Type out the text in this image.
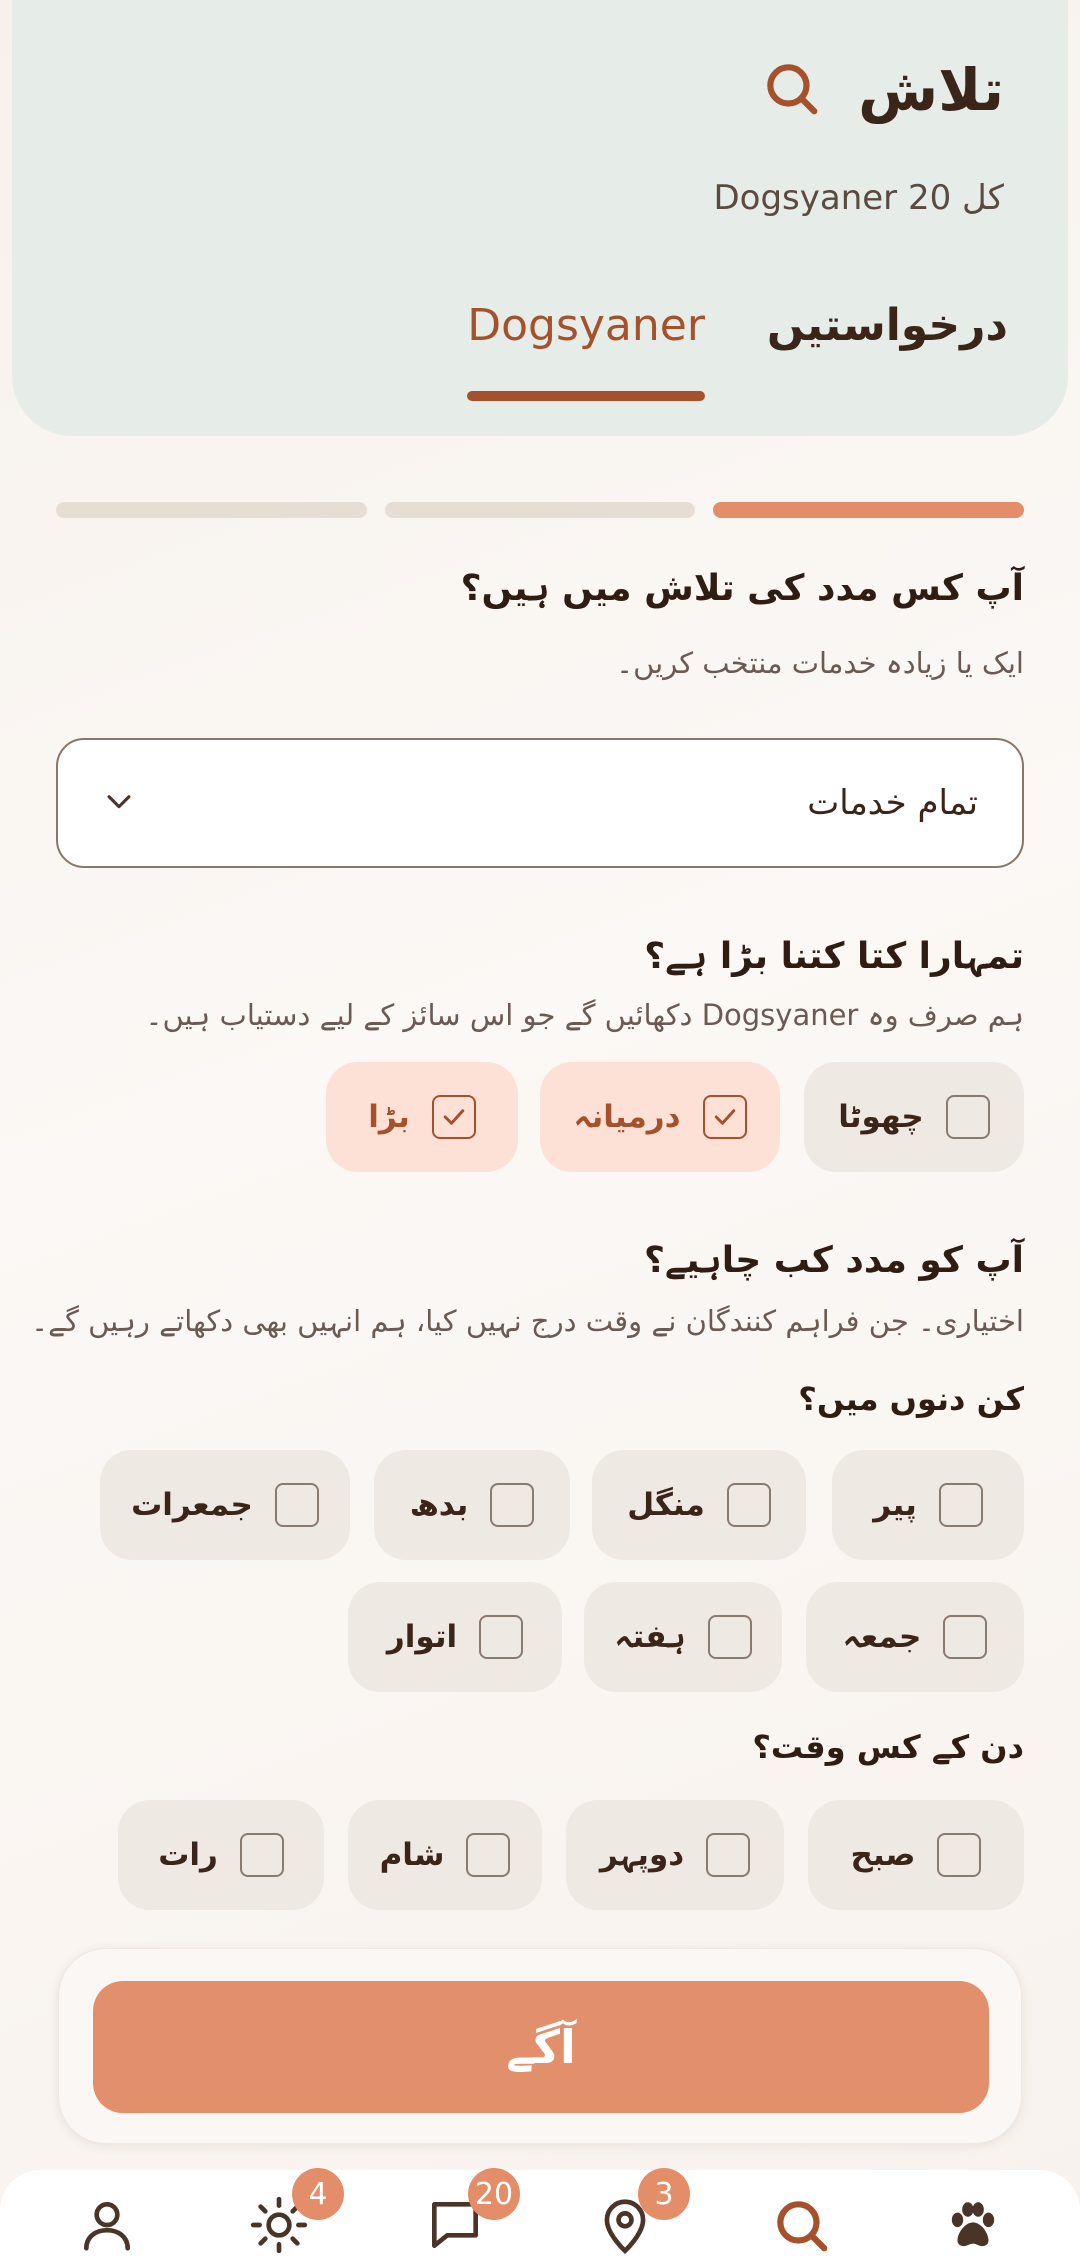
تلاش
کل 20 Dogsyaner
درخواستیں
Dogsyaner
آپ کس مدد کی تلاش میں ہیں؟
ایک یا زیادہ خدمات منتخب کریں۔
تمام خدمات
تمہارا کتا کتنا بڑا ہے؟
ہم صرف وہ Dogsyaner دکھائیں گے جو اس سائز کے لیے دستیاب ہیں۔
چھوٹا
درمیانہ
بڑا
آپ کو مدد کب چاہیے؟
اختیاری۔ جن فراہم کنندگان نے وقت درج نہیں کیا، ہم انہیں بھی دکھاتے رہیں گے۔
کن دنوں میں؟
پیر
منگل
بدھ
جمعرات
جمعہ
ہفتہ
اتوار
دن کے کس وقت؟
صبح
دوپہر
شام
رات
آگے
4	20	3
